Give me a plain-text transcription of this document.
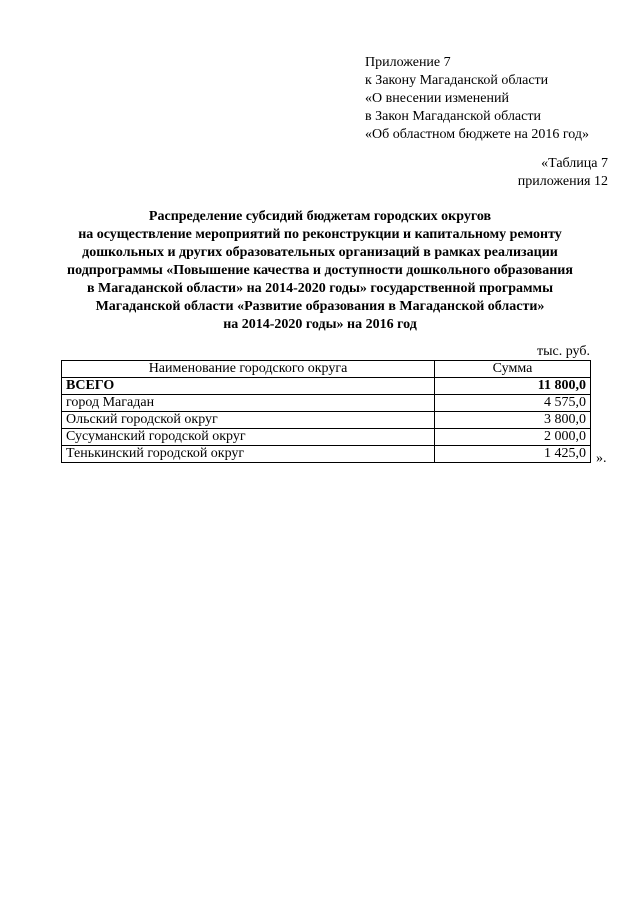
Приложение 7
к Закону Магаданской области
«О внесении изменений
в Закон Магаданской области
«Об областном бюджете на 2016 год»
«Таблица 7
приложения 12
Распределение субсидий бюджетам городских округов
на осуществление мероприятий по реконструкции и капитальному ремонту
дошкольных и других образовательных организаций в рамках реализации
подпрограммы «Повышение качества и доступности дошкольного образования
в Магаданской области» на 2014-2020 годы» государственной программы
Магаданской области «Развитие образования в Магаданской области»
на 2014-2020 годы» на 2016 год
тыс. руб.
Наименование городского округа	Сумма
ВСЕГО	11 800,0
город Магадан	4 575,0
Ольский городской округ	3 800,0
Сусуманский городской округ	2 000,0
Тенькинский городской округ	1 425,0 ».
